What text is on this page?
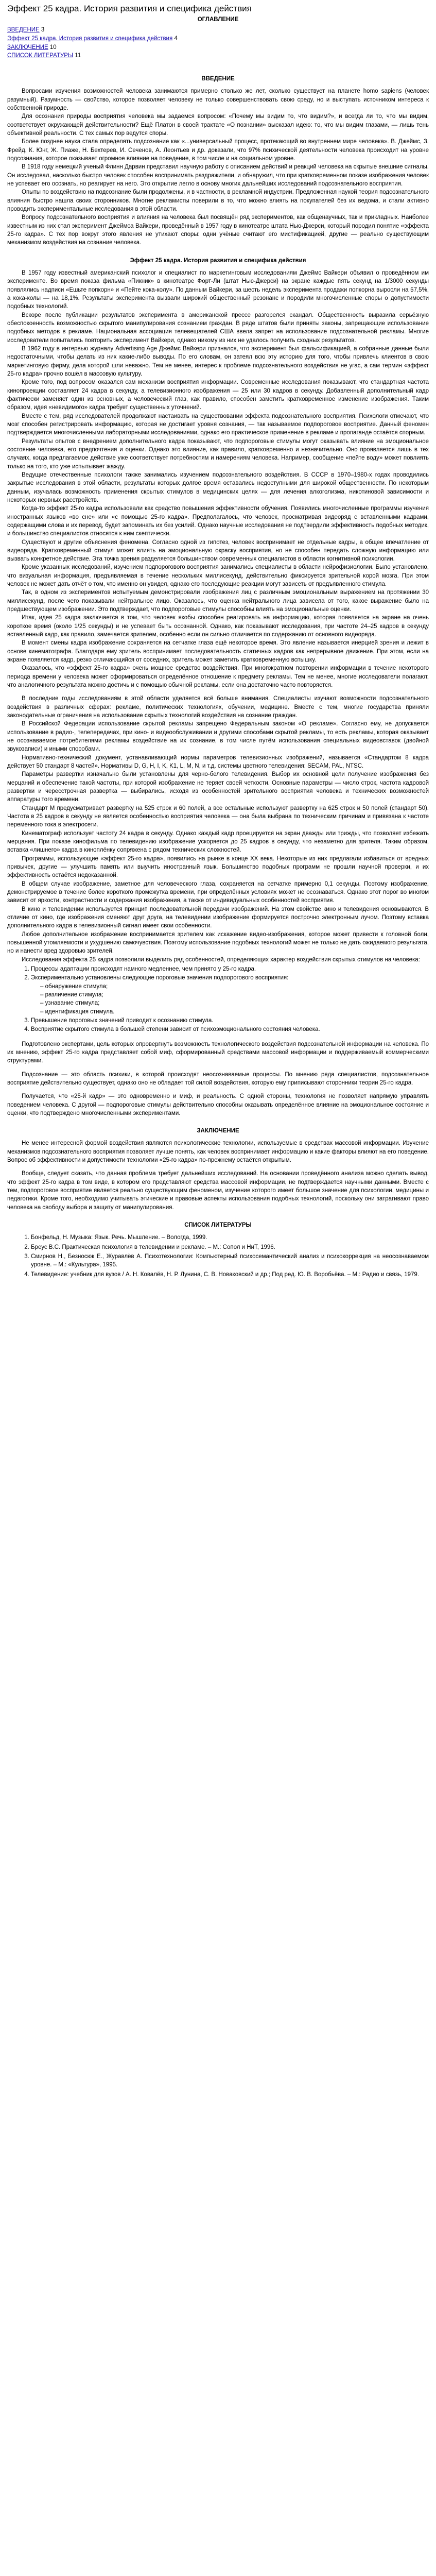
Эффект 25 кадра. История развития и специфика действия
ОГЛАВЛЕНИЕ
ВВЕДЕНИЕ 3
Эффект 25 кадра. История развития и специфика действия 4
ЗАКЛЮЧЕНИЕ 10
СПИСОК ЛИТЕРАТУРЫ 11
ВВЕДЕНИЕ

Вопросами изучения возможностей человека занимаются примерно столько же лет, сколько существует на планете homo sapiens (человек разумный). Разумность — свойство, которое позволяет человеку не только совершенствовать свою среду, но и выступать источником интереса к собственной природе.

Для осознания природы восприятия человека мы задаемся вопросом: «Почему мы видим то, что видим?», и всегда ли то, что мы видим, соответствует окружающей действительности? Ещё Платон в своей трактате «О познании» высказал идею: то, что мы видим глазами, — лишь тень объективной реальности. С тех самых пор ведутся споры.

Более позднее наука стала определять подсознание как «...универсальный процесс, протекающий во внутреннем мире человека». В. Джеймс, З. Фрейд, К. Юнг, Ж. Пиаже, Н. Бехтерев, И. Сеченов, А. Леонтьев и др. доказали, что 97% психической деятельности человека происходит на уровне подсознания, которое оказывает огромное влияние на поведение, в том числе и на социальном уровне.

В 1918 году немецкий ученый Флинн Дарвин представил научную работу с описанием действий и реакций человека на скрытые внешние сигналы. Он исследовал, насколько быстро человек способен воспринимать раздражители, и обнаружил, что при кратковременном показе изображения человек не успевает его осознать, но реагирует на него. Это открытие легло в основу многих дальнейших исследований подсознательного восприятия.

Опыты по воздействию на подсознание были продолжены, и в частности, в рекламной индустрии. Предложенная наукой теория подсознательного влияния быстро нашла своих сторонников. Многие рекламисты поверили в то, что можно влиять на покупателей без их ведома, и стали активно проводить экспериментальные исследования в этой области.

Вопросу подсознательного восприятия и влияния на человека был посвящён ряд экспериментов, как общенаучных, так и прикладных. Наиболее известным из них стал эксперимент Джеймса Вайкери, проведённый в 1957 году в кинотеатре штата Нью-Джерси, который породил понятие «эффекта 25-го кадра». С тех пор вокруг этого явления не утихают споры: одни учёные считают его мистификацией, другие — реально существующим механизмом воздействия на сознание человека.

Эффект 25 кадра. История развития и специфика действия

В 1957 году известный американский психолог и специалист по маркетинговым исследованиям Джеймс Вайкери объявил о проведённом им эксперименте. Во время показа фильма «Пикник» в кинотеатре Форт-Ли (штат Нью-Джерси) на экране каждые пять секунд на 1/3000 секунды появлялись надписи «Ешьте попкорн» и «Пейте кока-колу». По данным Вайкери, за шесть недель эксперимента продажи попкорна выросли на 57,5%, а кока-колы — на 18,1%. Результаты эксперимента вызвали широкий общественный резонанс и породили многочисленные споры о допустимости подобных технологий.

Вскоре после публикации результатов эксперимента в американской прессе разгорелся скандал. Общественность выразила серьёзную обеспокоенность возможностью скрытого манипулирования сознанием граждан. В ряде штатов были приняты законы, запрещающие использование подобных методов в рекламе. Национальная ассоциация телевещателей США ввела запрет на использование подсознательной рекламы. Многие исследователи попытались повторить эксперимент Вайкери, однако никому из них не удалось получить сходных результатов.

В 1962 году в интервью журналу Advertising Age Джеймс Вайкери признался, что эксперимент был фальсификацией, а собранные данные были недостаточными, чтобы делать из них какие-либо выводы. По его словам, он затеял всю эту историю для того, чтобы привлечь клиентов в свою маркетинговую фирму, дела которой шли неважно. Тем не менее, интерес к проблеме подсознательного воздействия не угас, а сам термин «эффект 25-го кадра» прочно вошёл в массовую культуру.

Кроме того, под вопросом оказался сам механизм восприятия информации. Современные исследования показывают, что стандартная частота кинопроекции составляет 24 кадра в секунду, а телевизионного изображения — 25 или 30 кадров в секунду. Добавленный дополнительный кадр фактически заменяет один из основных, а человеческий глаз, как правило, способен заметить кратковременное изменение изображения. Таким образом, идея «невидимого» кадра требует существенных уточнений.

Вместе с тем, ряд исследователей продолжают настаивать на существовании эффекта подсознательного восприятия. Психологи отмечают, что мозг способен регистрировать информацию, которая не достигает уровня сознания, — так называемое подпороговое восприятие. Данный феномен подтверждается многочисленными лабораторными исследованиями, однако его практическое применение в рекламе и пропаганде остаётся спорным.

Результаты опытов с внедрением дополнительного кадра показывают, что подпороговые стимулы могут оказывать влияние на эмоциональное состояние человека, его предпочтения и оценки. Однако это влияние, как правило, кратковременно и незначительно. Оно проявляется лишь в тех случаях, когда предлагаемое действие уже соответствует потребностям и намерениям человека. Например, сообщение «пейте воду» может повлиять только на того, кто уже испытывает жажду.

Ведущие отечественные психологи также занимались изучением подсознательного воздействия. В СССР в 1970–1980-х годах проводились закрытые исследования в этой области, результаты которых долгое время оставались недоступными для широкой общественности. По некоторым данным, изучалась возможность применения скрытых стимулов в медицинских целях — для лечения алкоголизма, никотиновой зависимости и некоторых нервных расстройств.

Когда-то эффект 25-го кадра использовали как средство повышения эффективности обучения. Появились многочисленные программы изучения иностранных языков «во сне» или «с помощью 25-го кадра». Предполагалось, что человек, просматривая видеоряд с вставленными кадрами, содержащими слова и их перевод, будет запоминать их без усилий. Однако научные исследования не подтвердили эффективность подобных методик, и большинство специалистов относятся к ним скептически.

Существуют и другие объяснения феномена. Согласно одной из гипотез, человек воспринимает не отдельные кадры, а общее впечатление от видеоряда. Кратковременный стимул может влиять на эмоциональную окраску восприятия, но не способен передать сложную информацию или вызвать конкретное действие. Эта точка зрения разделяется большинством современных специалистов в области когнитивной психологии.

Кроме указанных исследований, изучением подпорогового восприятия занимались специалисты в области нейрофизиологии. Было установлено, что визуальная информация, предъявляемая в течение нескольких миллисекунд, действительно фиксируется зрительной корой мозга. При этом человек не может дать отчёт о том, что именно он увидел, однако его последующие реакции могут зависеть от предъявленного стимула.

Так, в одном из экспериментов испытуемым демонстрировали изображения лиц с различным эмоциональным выражением на протяжении 30 миллисекунд, после чего показывали нейтральное лицо. Оказалось, что оценка нейтрального лица зависела от того, какое выражение было на предшествующем изображении. Это подтверждает, что подпороговые стимулы способны влиять на эмоциональные оценки.

Итак, идея 25 кадра заключается в том, что человек якобы способен реагировать на информацию, которая появляется на экране на очень короткое время (около 1/25 секунды) и не успевает быть осознанной. Однако, как показывают исследования, при частоте 24–25 кадров в секунду вставленный кадр, как правило, замечается зрителем, особенно если он сильно отличается по содержанию от основного видеоряда.

В момент смены кадра изображение сохраняется на сетчатке глаза ещё некоторое время. Это явление называется инерцией зрения и лежит в основе кинематографа. Благодаря ему зритель воспринимает последовательность статичных кадров как непрерывное движение. При этом, если на экране появляется кадр, резко отличающийся от соседних, зритель может заметить кратковременную вспышку.

Оказалось, что «эффект 25-го кадра» очень мощное средство воздействия. При многократном повторении информации в течение некоторого периода времени у человека может сформироваться определённое отношение к предмету рекламы. Тем не менее, многие исследователи полагают, что аналогичного результата можно достичь и с помощью обычной рекламы, если она достаточно часто повторяется.

В последние годы исследованиям в этой области уделяется всё больше внимания. Специалисты изучают возможности подсознательного воздействия в различных сферах: рекламе, политических технологиях, обучении, медицине. Вместе с тем, многие государства приняли законодательные ограничения на использование скрытых технологий воздействия на сознание граждан.

В Российской Федерации использование скрытой рекламы запрещено Федеральным законом «О рекламе». Согласно ему, не допускается использование в радио-, телепередачах, при кино- и видеообслуживании и другими способами скрытой рекламы, то есть рекламы, которая оказывает не осознаваемое потребителями рекламы воздействие на их сознание, в том числе путём использования специальных видеовставок (двойной звукозаписи) и иными способами.

Нормативно-технический документ, устанавливающий нормы параметров телевизионных изображений, называется «Стандартом 8 кадра действует 50 стандарт 8 частей». Нормативы D, G, H, I, K, K1, L, M, N, и т.д. системы цветного телевидения: SECAM, PAL, NTSC.

Параметры развертки изначально были установлены для черно-белого телевидения. Выбор их основной цели получение изображения без мерцаний и обеспечение такой частоты, при которой изображение не теряет своей четкости. Основные параметры — число строк, частота кадровой развертки и чересстрочная развертка — выбирались, исходя из особенностей зрительного восприятия человека и технических возможностей аппаратуры того времени.

Стандарт M предусматривает развертку на 525 строк и 60 полей, а все остальные используют развертку на 625 строк и 50 полей (стандарт 50). Частота в 25 кадров в секунду не является особенностью восприятия человека — она была выбрана по техническим причинам и привязана к частоте переменного тока в электросети.

Кинематограф использует частоту 24 кадра в секунду. Однако каждый кадр проецируется на экран дважды или трижды, что позволяет избежать мерцания. При показе кинофильма по телевидению изображение ускоряется до 25 кадров в секунду, что незаметно для зрителя. Таким образом, вставка «лишнего» кадра в киноплёнку сопряжена с рядом технических сложностей.

Программы, использующие «эффект 25-го кадра», появились на рынке в конце XX века. Некоторые из них предлагали избавиться от вредных привычек, другие — улучшить память или выучить иностранный язык. Большинство подобных программ не прошли научной проверки, и их эффективность остаётся недоказанной.

В общем случае изображение, заметное для человеческого глаза, сохраняется на сетчатке примерно 0,1 секунды. Поэтому изображение, демонстрируемое в течение более короткого промежутка времени, при определённых условиях может не осознаваться. Однако этот порог во многом зависит от яркости, контрастности и содержания изображения, а также от индивидуальных особенностей восприятия.

В кино и телевидении используется принцип последовательной передачи изображений. На этом свойстве кино и телевидения основываются. В отличие от кино, где изображения сменяют друг друга, на телевидении изображение формируется построчно электронным лучом. Поэтому вставка дополнительного кадра в телевизионный сигнал имеет свои особенности.

Любое дополнительное изображение воспринимается зрителем как искажение видео-изображения, которое может привести к головной боли, повышенной утомляемости и ухудшению самочувствия. Поэтому использование подобных технологий может не только не дать ожидаемого результата, но и нанести вред здоровью зрителей.

Исследования эффекта 25 кадра позволили выделить ряд особенностей, определяющих характер воздействия скрытых стимулов на человека:

1. Процессы адаптации происходят намного медленнее, чем принято у 25-го кадра.
2. Экспериментально установлены следующие пороговые значения подпорогового восприятия:
– обнаружение стимула;
– различение стимула;
– узнавание стимула;
– идентификация стимула.
3. Превышение пороговых значений приводит к осознанию стимула.
4. Восприятие скрытого стимула в большей степени зависит от психоэмоционального состояния человека.

Подготовлено экспертами, цель которых опровергнуть возможность технологического воздействия подсознательной информации на человека. По их мнению, эффект 25-го кадра представляет собой миф, сформированный средствами массовой информации и поддерживаемый коммерческими структурами.

Подсознание — это область психики, в которой происходят неосознаваемые процессы. По мнению ряда специалистов, подсознательное восприятие действительно существует, однако оно не обладает той силой воздействия, которую ему приписывают сторонники теории 25-го кадра.

Получается, что «25-й кадр» — это одновременно и миф, и реальность. С одной стороны, технология не позволяет напрямую управлять поведением человека. С другой — подпороговые стимулы действительно способны оказывать определённое влияние на эмоциональное состояние и оценки, что подтверждено многочисленными экспериментами.

ЗАКЛЮЧЕНИЕ

Не менее интересной формой воздействия являются психологические технологии, используемые в средствах массовой информации. Изучение механизмов подсознательного восприятия позволяет лучше понять, как человек воспринимает информацию и какие факторы влияют на его поведение. Вопрос об эффективности и допустимости технологии «25-го кадра» по-прежнему остаётся открытым.

Вообще, следует сказать, что данная проблема требует дальнейших исследований. На основании проведённого анализа можно сделать вывод, что эффект 25-го кадра в том виде, в котором его представляют средства массовой информации, не подтверждается научными данными. Вместе с тем, подпороговое восприятие является реально существующим феноменом, изучение которого имеет большое значение для психологии, медицины и педагогики. Кроме того, необходимо учитывать этические и правовые аспекты использования подобных технологий, поскольку они затрагивают право человека на свободу выбора и защиту от манипулирования.

СПИСОК ЛИТЕРАТУРЫ
1. Бонфельд, Н. Музыка: Язык. Речь. Мышление. – Вологда, 1999.
2. Бреус В.С. Практическая психология в телевидении и рекламе. – М.: Сопол и НиТ, 1996.
3. Смирнов Н., Безносюк Е., Журавлёв А. Психотехнологии: Компьютерный психосемантический анализ и психокоррекция на неосознаваемом уровне. – М.: «Культура», 1995.
4. Телевидение: учебник для вузов / А. Н. Ковалёв, Н. Р. Лунина, С. В. Новаковский и др.; Под ред. Ю. В. Воробьёва. – М.: Радио и связь, 1979.
